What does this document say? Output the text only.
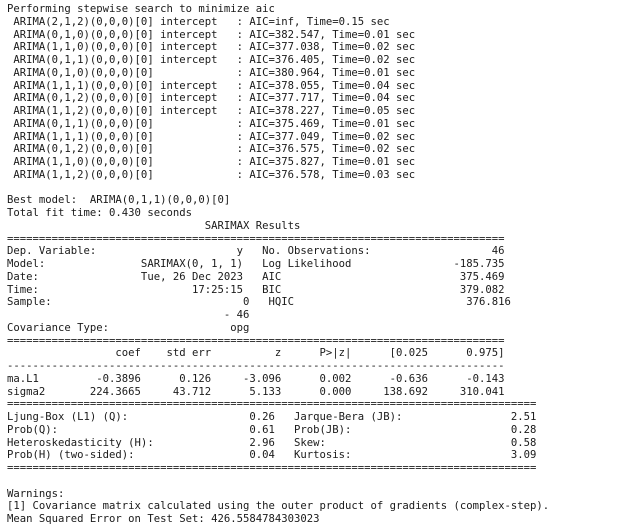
Performing stepwise search to minimize aic
ARIMA(2,1,2)(0,0,0)[0] intercept   : AIC=inf, Time=0.15 sec
ARIMA(0,1,0)(0,0,0)[0] intercept   : AIC=382.547, Time=0.01 sec
ARIMA(1,1,0)(0,0,0)[0] intercept   : AIC=377.038, Time=0.02 sec
ARIMA(0,1,1)(0,0,0)[0] intercept   : AIC=376.405, Time=0.02 sec
ARIMA(0,1,0)(0,0,0)[0]             : AIC=380.964, Time=0.01 sec
ARIMA(1,1,1)(0,0,0)[0] intercept   : AIC=378.055, Time=0.04 sec
ARIMA(0,1,2)(0,0,0)[0] intercept   : AIC=377.717, Time=0.04 sec
ARIMA(1,1,2)(0,0,0)[0] intercept   : AIC=378.227, Time=0.05 sec
ARIMA(0,1,1)(0,0,0)[0]             : AIC=375.469, Time=0.01 sec
ARIMA(1,1,1)(0,0,0)[0]             : AIC=377.049, Time=0.02 sec
ARIMA(0,1,2)(0,0,0)[0]             : AIC=376.575, Time=0.02 sec
ARIMA(1,1,0)(0,0,0)[0]             : AIC=375.827, Time=0.01 sec
ARIMA(1,1,2)(0,0,0)[0]             : AIC=376.578, Time=0.03 sec
Best model:  ARIMA(0,1,1)(0,0,0)[0]
Total fit time: 0.430 seconds
SARIMAX Results
==============================================================================
Dep. Variable:                      y   No. Observations:                   46
Model:               SARIMAX(0, 1, 1)   Log Likelihood                -185.735
Date:                Tue, 26 Dec 2023   AIC                            375.469
Time:                        17:25:15   BIC                            379.082
Sample:                              0   HQIC                           376.816
- 46
Covariance Type:                   opg
==============================================================================
coef    std err          z      P>|z|      [0.025      0.975]
------------------------------------------------------------------------------
ma.L1         -0.3896      0.126     -3.096      0.002      -0.636      -0.143
sigma2       224.3665     43.712      5.133      0.000     138.692     310.041
===================================================================================
Ljung-Box (L1) (Q):                   0.26   Jarque-Bera (JB):                 2.51
Prob(Q):                              0.61   Prob(JB):                         0.28
Heteroskedasticity (H):               2.96   Skew:                             0.58
Prob(H) (two-sided):                  0.04   Kurtosis:                         3.09
===================================================================================
Warnings:
[1] Covariance matrix calculated using the outer product of gradients (complex-step).
Mean Squared Error on Test Set: 426.5584784303023
